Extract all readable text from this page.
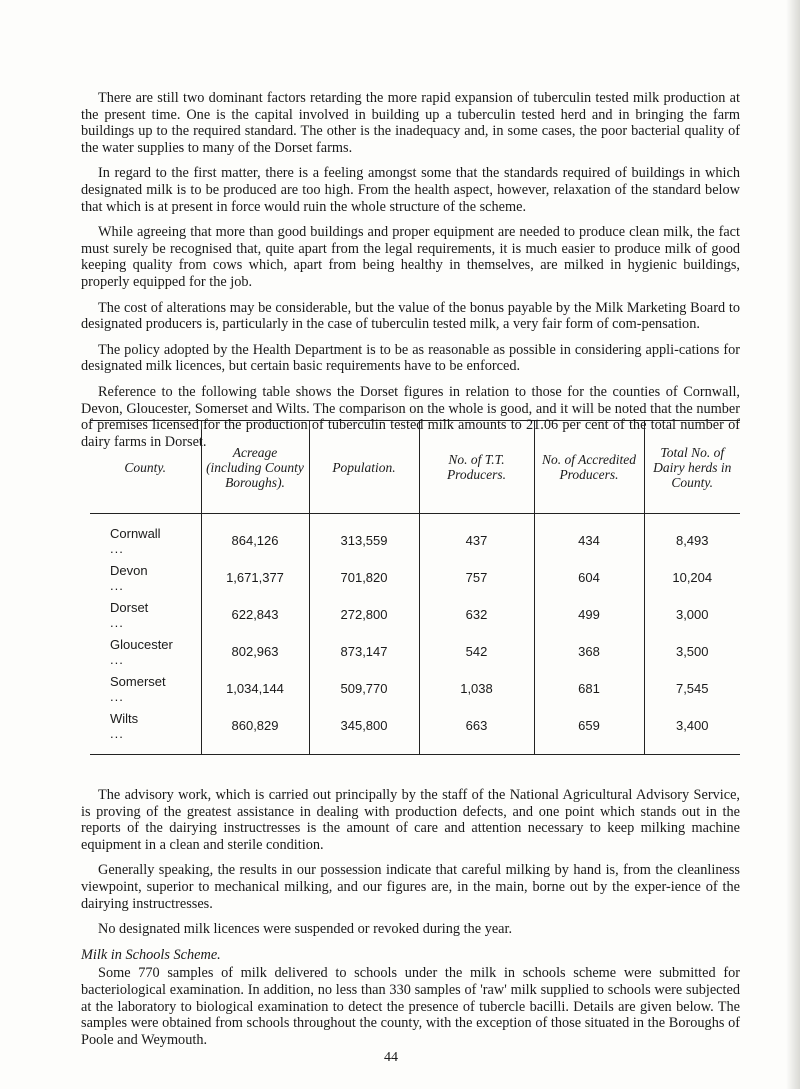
There are still two dominant factors retarding the more rapid expansion of tuberculin tested milk production at the present time. One is the capital involved in building up a tuberculin tested herd and in bringing the farm buildings up to the required standard. The other is the inadequacy and, in some cases, the poor bacterial quality of the water supplies to many of the Dorset farms.

In regard to the first matter, there is a feeling amongst some that the standards required of buildings in which designated milk is to be produced are too high. From the health aspect, however, relaxation of the standard below that which is at present in force would ruin the whole structure of the scheme.

While agreeing that more than good buildings and proper equipment are needed to produce clean milk, the fact must surely be recognised that, quite apart from the legal requirements, it is much easier to produce milk of good keeping quality from cows which, apart from being healthy in themselves, are milked in hygienic buildings, properly equipped for the job.

The cost of alterations may be considerable, but the value of the bonus payable by the Milk Marketing Board to designated producers is, particularly in the case of tuberculin tested milk, a very fair form of com-pensation.

The policy adopted by the Health Department is to be as reasonable as possible in considering appli-cations for designated milk licences, but certain basic requirements have to be enforced.

Reference to the following table shows the Dorset figures in relation to those for the counties of Cornwall, Devon, Gloucester, Somerset and Wilts. The comparison on the whole is good, and it will be noted that the number of premises licensed for the production of tuberculin tested milk amounts to 21.06 per cent of the total number of dairy farms in Dorset.

County.	Acreage (including County Boroughs).	Population.	No. of T.T. Producers.	No. of Accredited Producers.	Total No. of Dairy herds in County.
Cornwall...	864,126	313,559	437	434	8,493
Devon...	1,671,377	701,820	757	604	10,204
Dorset...	622,843	272,800	632	499	3,000
Gloucester...	802,963	873,147	542	368	3,500
Somerset...	1,034,144	509,770	1,038	681	7,545
Wilts...	860,829	345,800	663	659	3,400

The advisory work, which is carried out principally by the staff of the National Agricultural Advisory Service, is proving of the greatest assistance in dealing with production defects, and one point which stands out in the reports of the dairying instructresses is the amount of care and attention necessary to keep milking machine equipment in a clean and sterile condition.

Generally speaking, the results in our possession indicate that careful milking by hand is, from the cleanliness viewpoint, superior to mechanical milking, and our figures are, in the main, borne out by the exper-ience of the dairying instructresses.

No designated milk licences were suspended or revoked during the year.

Milk in Schools Scheme.

Some 770 samples of milk delivered to schools under the milk in schools scheme were submitted for bacteriological examination. In addition, no less than 330 samples of 'raw' milk supplied to schools were subjected at the laboratory to biological examination to detect the presence of tubercle bacilli. Details are given below. The samples were obtained from schools throughout the county, with the exception of those situated in the Boroughs of Poole and Weymouth.

44
